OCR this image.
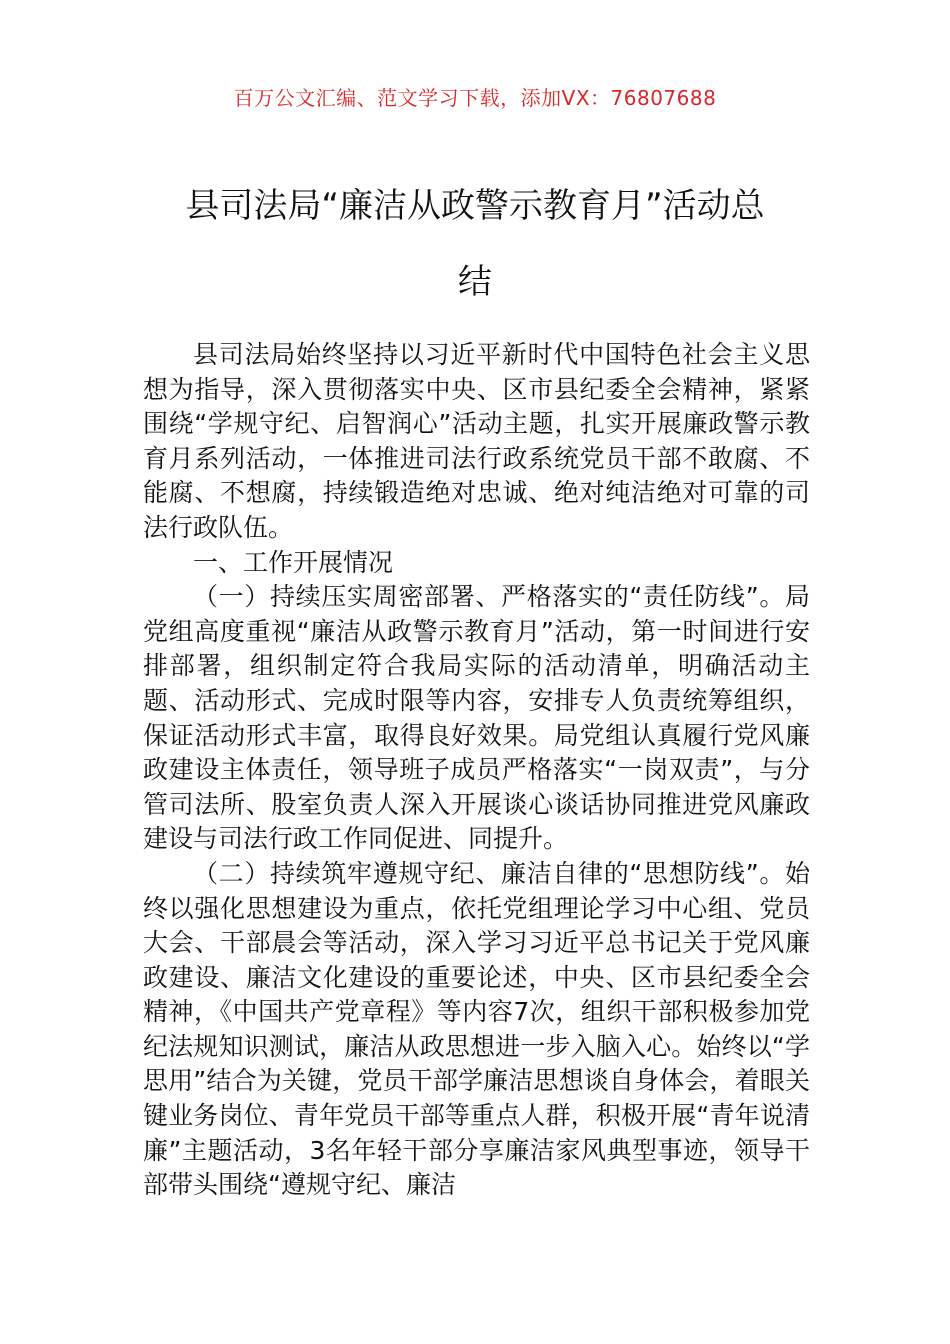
百万公文汇编、范文学习下载，添加VX：76807688
县司法局“廉洁从政警示教育月”活动总
结

县司法局始终坚持以习近平新时代中国特色社会主义思想为指导，深入贯彻落实中央、区市县纪委全会精神，紧紧围绕“学规守纪、启智润心”活动主题，扎实开展廉政警示教育月系列活动，一体推进司法行政系统党员干部不敢腐、不能腐、不想腐，持续锻造绝对忠诚、绝对纯洁绝对可靠的司法行政队伍。

一、工作开展情况

（一）持续压实周密部署、严格落实的“责任防线”。局党组高度重视“廉洁从政警示教育月”活动，第一时间进行安排部署，组织制定符合我局实际的活动清单，明确活动主题、活动形式、完成时限等内容，安排专人负责统筹组织，保证活动形式丰富，取得良好效果。局党组认真履行党风廉政建设主体责任，领导班子成员严格落实“一岗双责”，与分管司法所、股室负责人深入开展谈心谈话协同推进党风廉政建设与司法行政工作同促进、同提升。

（二）持续筑牢遵规守纪、廉洁自律的“思想防线”。始终以强化思想建设为重点，依托党组理论学习中心组、党员大会、干部晨会等活动，深入学习习近平总书记关于党风廉政建设、廉洁文化建设的重要论述，中央、区市县纪委全会精神，《中国共产党章程》等内容7次，组织干部积极参加党纪法规知识测试，廉洁从政思想进一步入脑入心。始终以“学思用”结合为关键，党员干部学廉洁思想谈自身体会，着眼关键业务岗位、青年党员干部等重点人群，积极开展“青年说清廉”主题活动，3名年轻干部分享廉洁家风典型事迹，领导干部带头围绕“遵规守纪、廉洁
